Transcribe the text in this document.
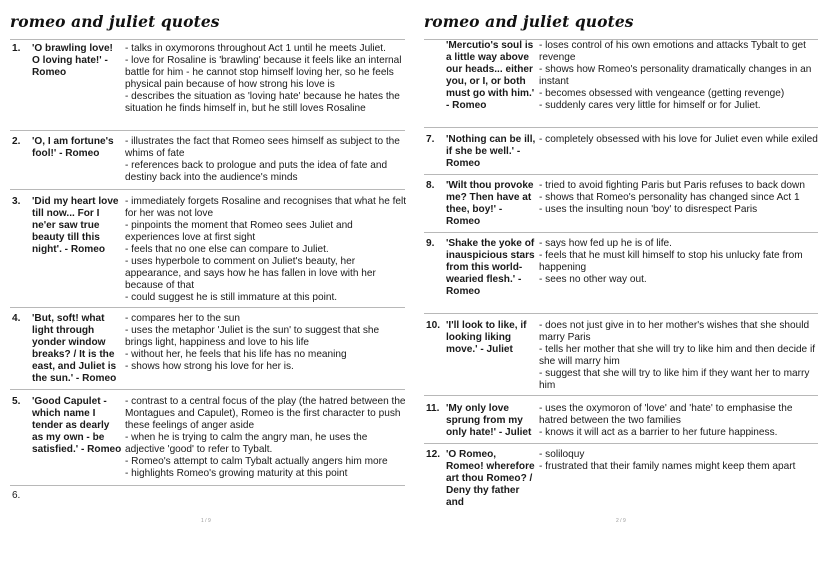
romeo and juliet quotes
1.	'O brawling love! O loving hate!' - Romeo
- talks in oxymorons throughout Act 1 until he meets Juliet.
- love for Rosaline is 'brawling' because it feels like an internal battle for him - he cannot stop himself loving her, so he feels physical pain because of how strong his love is
- describes the situation as 'loving hate' because he hates the situation he finds himself in, but he still loves Rosaline
2.	'O, I am fortune's fool!' - Romeo
- illustrates the fact that Romeo sees himself as subject to the whims of fate
- references back to prologue and puts the idea of fate and destiny back into the audience's minds
3.	'Did my heart love till now... For I ne'er saw true beauty till this night'. - Romeo
- immediately forgets Rosaline and recognises that what he felt for her was not love
- pinpoints the moment that Romeo sees Juliet and experiences love at first sight
- feels that no one else can compare to Juliet.
- uses hyperbole to comment on Juliet's beauty, her appearance, and says how he has fallen in love with her because of that
- could suggest he is still immature at this point.
4.	'But, soft! what light through yonder window breaks? / It is the east, and Juliet is the sun.' - Romeo
- compares her to the sun
- uses the metaphor 'Juliet is the sun' to suggest that she brings light, happiness and love to his life
- without her, he feels that his life has no meaning
- shows how strong his love for her is.
5.	'Good Capulet - which name I tender as dearly as my own - be satisfied.' - Romeo
- contrast to a central focus of the play (the hatred between the Montagues and Capulet), Romeo is the first character to push these feelings of anger aside
- when he is trying to calm the angry man, he uses the adjective 'good' to refer to Tybalt.
- Romeo's attempt to calm Tybalt actually angers him more
- highlights Romeo's growing maturity at this point
6.
1 / 9
romeo and juliet quotes
'Mercutio's soul is a little way above our heads... either you, or I, or both must go with him.' - Romeo
- loses control of his own emotions and attacks Tybalt to get revenge
- shows how Romeo's personality dramatically changes in an instant
- becomes obsessed with vengeance (getting revenge)
- suddenly cares very little for himself or for Juliet.
7.	'Nothing can be ill, if she be well.' - Romeo
- completely obsessed with his love for Juliet even while exiled
8.	'Wilt thou provoke me? Then have at thee, boy!' - Romeo
- tried to avoid fighting Paris but Paris refuses to back down
- shows that Romeo's personality has changed since Act 1
- uses the insulting noun 'boy' to disrespect Paris
9.	'Shake the yoke of inauspicious stars from this world-wearied flesh.' - Romeo
- says how fed up he is of life.
- feels that he must kill himself to stop his unlucky fate from happening
- sees no other way out.
10. 'I'll look to like, if looking liking move.' - Juliet
- does not just give in to her mother's wishes that she should marry Paris
- tells her mother that she will try to like him and then decide if she will marry him
- suggest that she will try to like him if they want her to marry him
11. 'My only love sprung from my only hate!' - Juliet
- uses the oxymoron of 'love' and 'hate' to emphasise the hatred between the two families
- knows it will act as a barrier to her future happiness.
12. 'O Romeo, Romeo! wherefore art thou Romeo? / Deny thy father and
- soliloquy
- frustrated that their family names might keep them apart
2 / 9
